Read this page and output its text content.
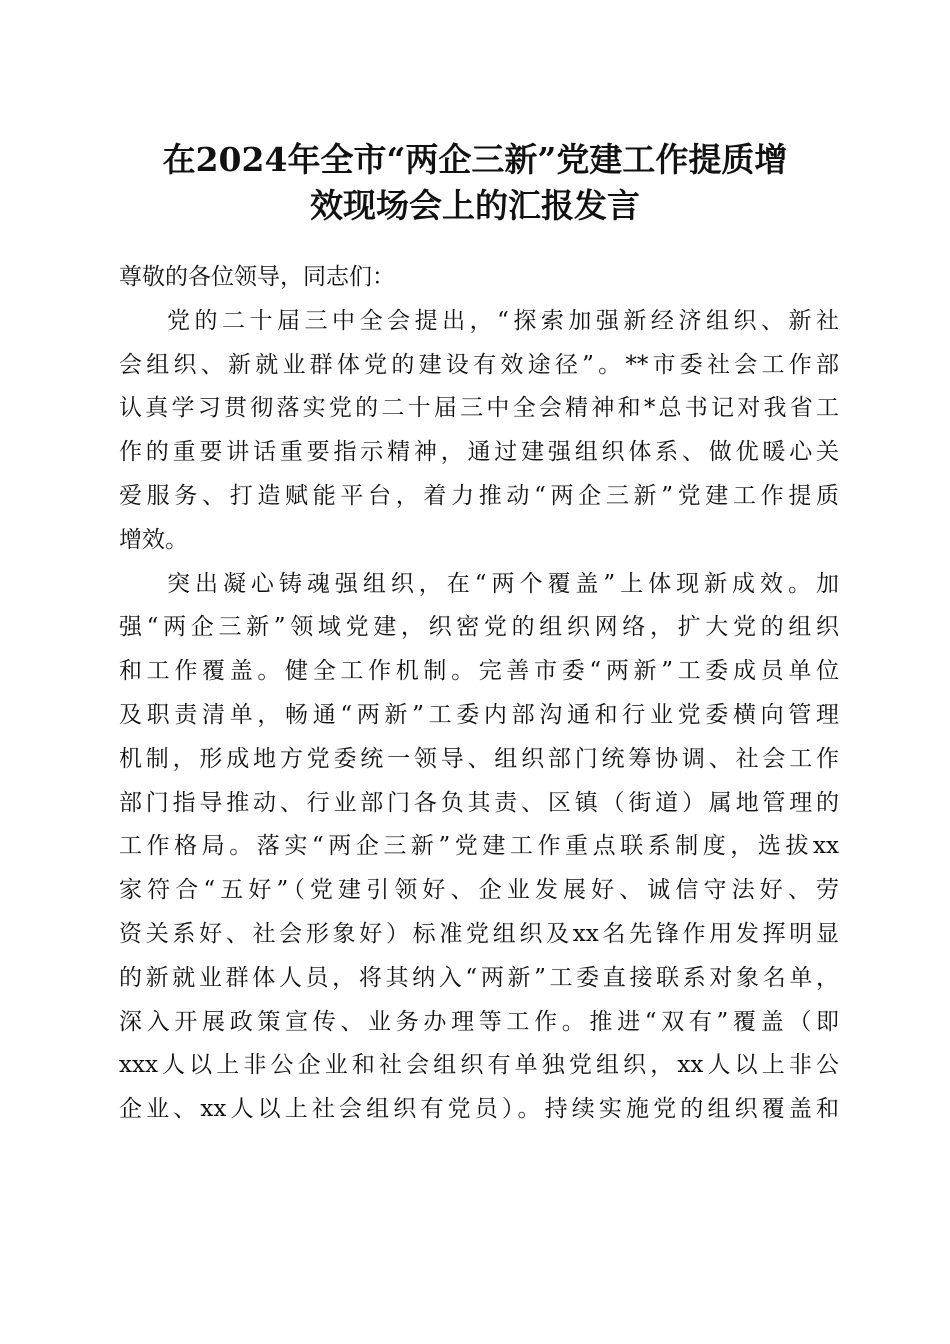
在2024年全市“两企三新”党建工作提质增
效现场会上的汇报发言
尊敬的各位领导，同志们：
党的二十届三中全会提出，“探索加强新经济组织、新社
会组织、新就业群体党的建设有效途径”。**市委社会工作部
认真学习贯彻落实党的二十届三中全会精神和*总书记对我省工
作的重要讲话重要指示精神，通过建强组织体系、做优暖心关
爱服务、打造赋能平台，着力推动“两企三新”党建工作提质
增效。
突出凝心铸魂强组织，在“两个覆盖”上体现新成效。加
强“两企三新”领域党建，织密党的组织网络，扩大党的组织
和工作覆盖。健全工作机制。完善市委“两新”工委成员单位
及职责清单，畅通“两新”工委内部沟通和行业党委横向管理
机制，形成地方党委统一领导、组织部门统筹协调、社会工作
部门指导推动、行业部门各负其责、区镇（街道）属地管理的
工作格局。落实“两企三新”党建工作重点联系制度，选拔xx
家符合“五好”（党建引领好、企业发展好、诚信守法好、劳
资关系好、社会形象好）标准党组织及xx名先锋作用发挥明显
的新就业群体人员，将其纳入“两新”工委直接联系对象名单，
深入开展政策宣传、业务办理等工作。推进“双有”覆盖（即
xxx人以上非公企业和社会组织有单独党组织，xx人以上非公
企业、xx人以上社会组织有党员）。持续实施党的组织覆盖和
